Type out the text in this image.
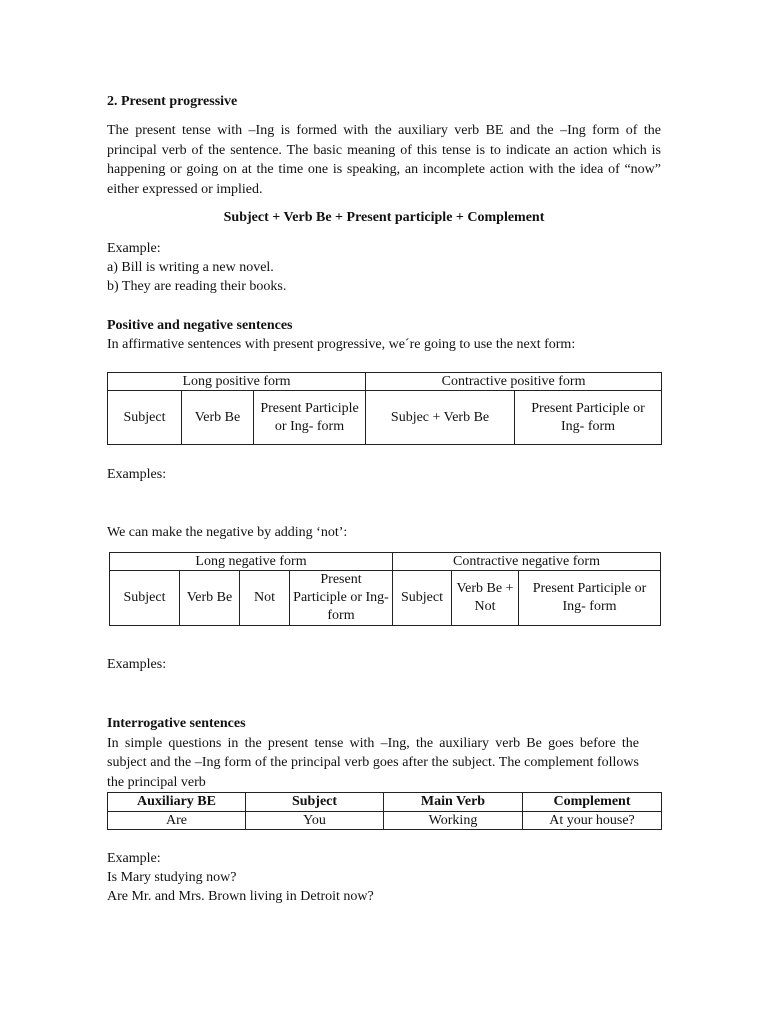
2. Present progressive

The present tense with –Ing is formed with the auxiliary verb BE and the –Ing form of the principal verb of the sentence. The basic meaning of this tense is to indicate an action which is happening or going on at the time one is speaking, an incomplete action with the idea of “now” either expressed or implied.

Subject + Verb Be + Present participle + Complement
Example:
a) Bill is writing a new novel.
b) They are reading their books.
Positive and negative sentences
In affirmative sentences with present progressive, we´re going to use the next form:
Long positive form			Contractive positive form	
Subject	Verb Be	Present Participle or Ing- form	Subjec + Verb Be	Present Participle or Ing- form
Examples:
We can make the negative by adding ‘not’:
Long negative form				Contractive negative form		
Subject	Verb Be	Not	Present Participle or Ing- form	Subject	Verb Be + Not	Present Participle or Ing- form
Examples:
Interrogative sentences

In simple questions in the present tense with –Ing, the auxiliary verb Be goes before the subject and the –Ing form of the principal verb goes after the subject. The complement follows the principal verb

Auxiliary BE	Subject	Main Verb	Complement
Are	You	Working	At your house?
Example:
Is Mary studying now?
Are Mr. and Mrs. Brown living in Detroit now?
